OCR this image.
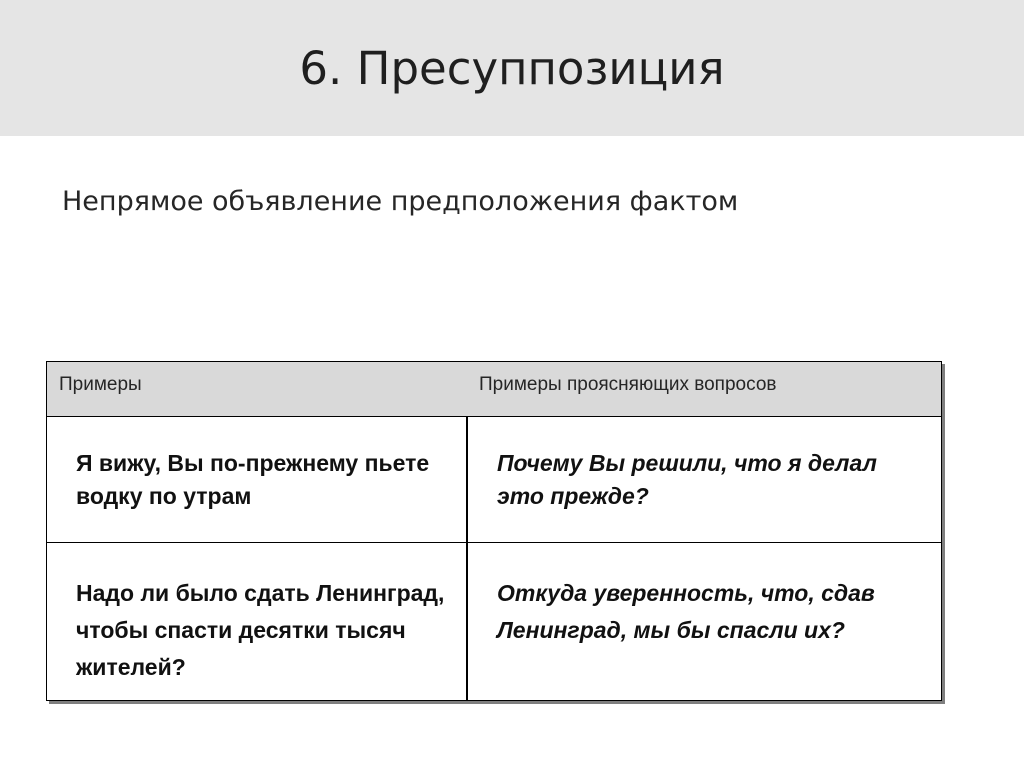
6. Пресуппозиция
Непрямое объявление предположения фактом
Примеры	Примеры проясняющих вопросов
Я вижу, Вы по-прежнему пьете водку по утрам
Почему Вы решили, что я делал это прежде?
Надо ли было сдать Ленинград, чтобы спасти десятки тысяч жителей?
Откуда уверенность, что, сдав Ленинград, мы бы спасли их?
